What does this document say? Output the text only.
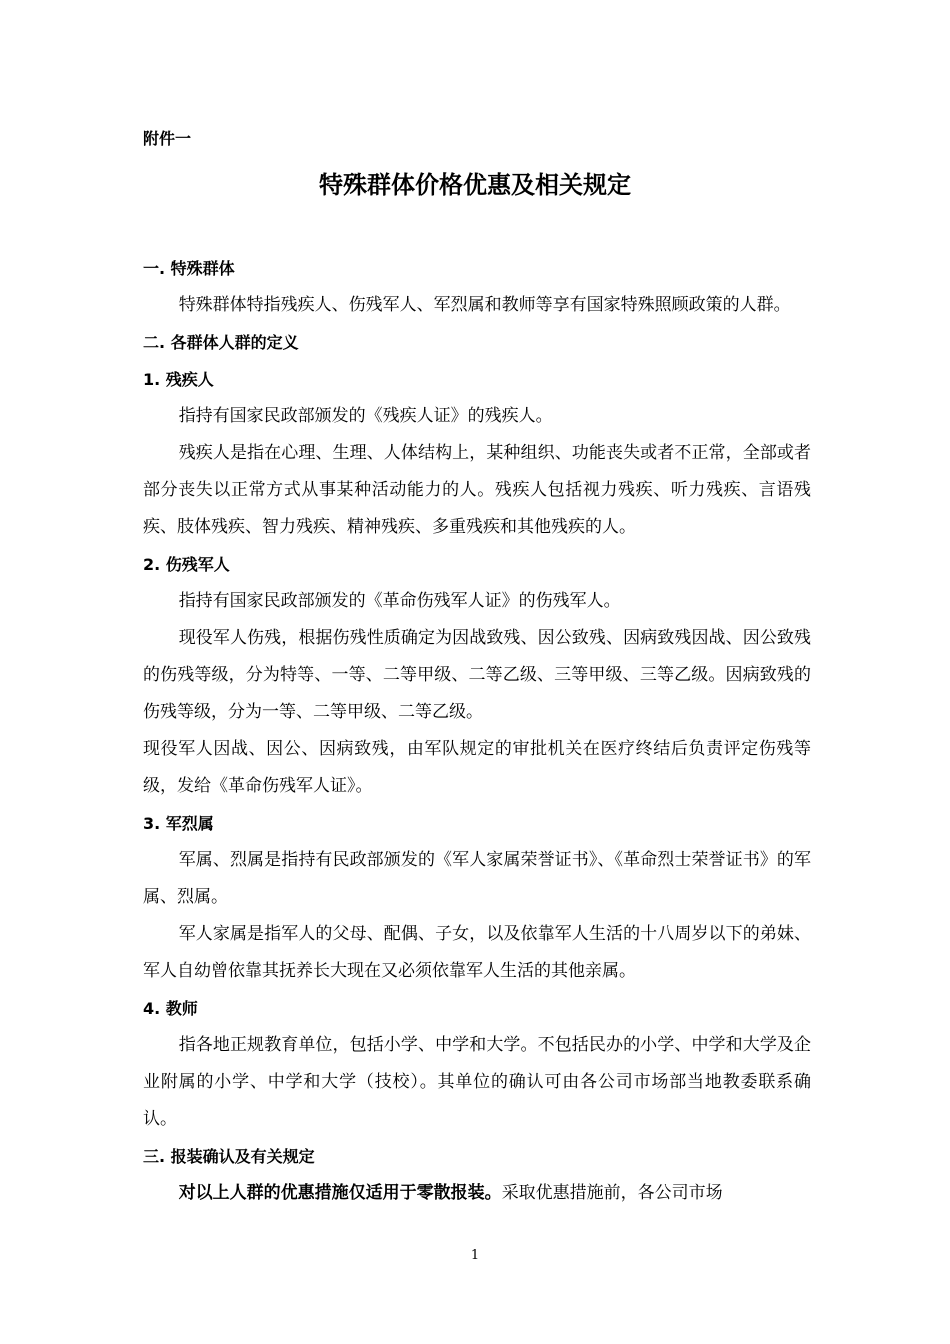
附件一
特殊群体价格优惠及相关规定
一. 特殊群体

特殊群体特指残疾人、伤残军人、军烈属和教师等享有国家特殊照顾政策的人群。

二. 各群体人群的定义
1. 残疾人

指持有国家民政部颁发的《残疾人证》的残疾人。

残疾人是指在心理、生理、人体结构上，某种组织、功能丧失或者不正常，全部或者部分丧失以正常方式从事某种活动能力的人。残疾人包括视力残疾、听力残疾、言语残疾、肢体残疾、智力残疾、精神残疾、多重残疾和其他残疾的人。

2. 伤残军人

指持有国家民政部颁发的《革命伤残军人证》的伤残军人。

现役军人伤残，根据伤残性质确定为因战致残、因公致残、因病致残因战、因公致残的伤残等级，分为特等、一等、二等甲级、二等乙级、三等甲级、三等乙级。因病致残的伤残等级，分为一等、二等甲级、二等乙级。

现役军人因战、因公、因病致残，由军队规定的审批机关在医疗终结后负责评定伤残等级，发给《革命伤残军人证》。

3. 军烈属

军属、烈属是指持有民政部颁发的《军人家属荣誉证书》、《革命烈士荣誉证书》的军属、烈属。

军人家属是指军人的父母、配偶、子女，以及依靠军人生活的十八周岁以下的弟妹、军人自幼曾依靠其抚养长大现在又必须依靠军人生活的其他亲属。

4. 教师

指各地正规教育单位，包括小学、中学和大学。不包括民办的小学、中学和大学及企业附属的小学、中学和大学（技校）。其单位的确认可由各公司市场部当地教委联系确认。

三. 报装确认及有关规定

对以上人群的优惠措施仅适用于零散报装。采取优惠措施前，各公司市场

1
